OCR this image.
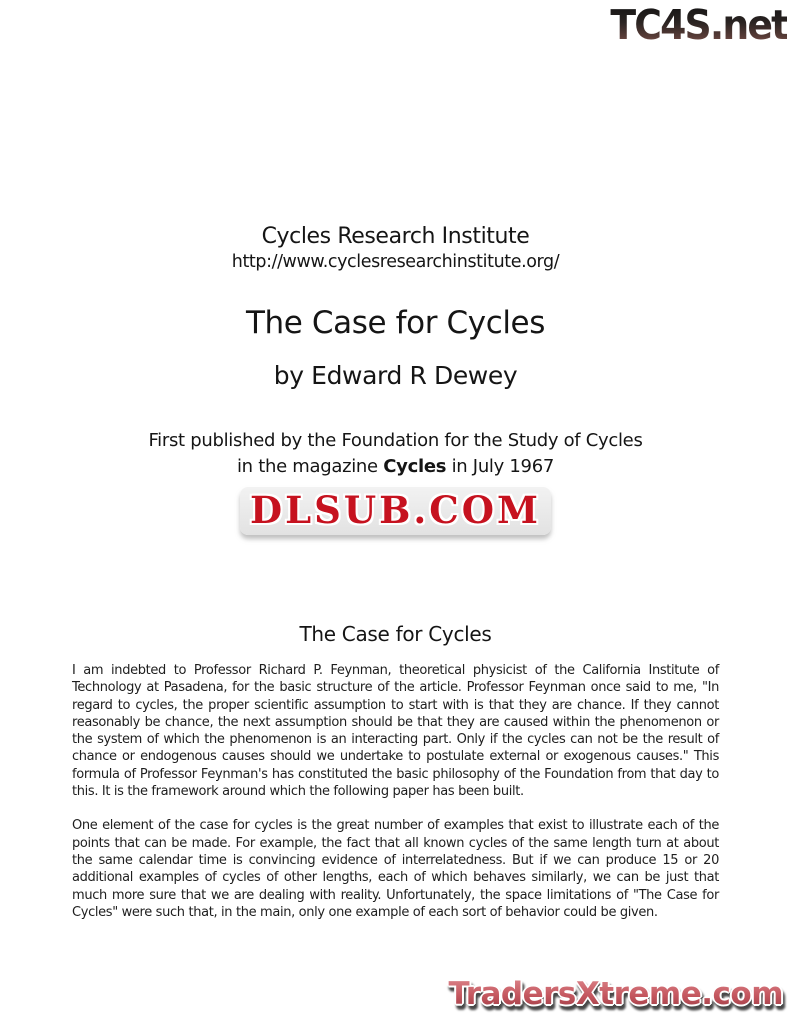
TC4S.net
Cycles Research Institute
http://www.cyclesresearchinstitute.org/
The Case for Cycles
by Edward R Dewey
First published by the Foundation for the Study of Cycles
in the magazine Cycles in July 1967
DLSUB.COM
The Case for Cycles

I am indebted to Professor Richard P. Feynman, theoretical physicist of the California Institute of Technology at Pasadena, for the basic structure of the article. Professor Feynman once said to me, "In regard to cycles, the proper scientific assumption to start with is that they are chance. If they cannot reasonably be chance, the next assumption should be that they are caused within the phenomenon or the system of which the phenomenon is an interacting part. Only if the cycles can not be the result of chance or endogenous causes should we undertake to postulate external or exogenous causes." This formula of Professor Feynman's has constituted the basic philosophy of the Foundation from that day to this. It is the framework around which the following paper has been built.

One element of the case for cycles is the great number of examples that exist to illustrate each of the points that can be made. For example, the fact that all known cycles of the same length turn at about the same calendar time is convincing evidence of interrelatedness. But if we can produce 15 or 20 additional examples of cycles of other lengths, each of which behaves similarly, we can be just that much more sure that we are dealing with reality. Unfortunately, the space limitations of "The Case for Cycles" were such that, in the main, only one example of each sort of behavior could be given.

TradersXtreme.com
